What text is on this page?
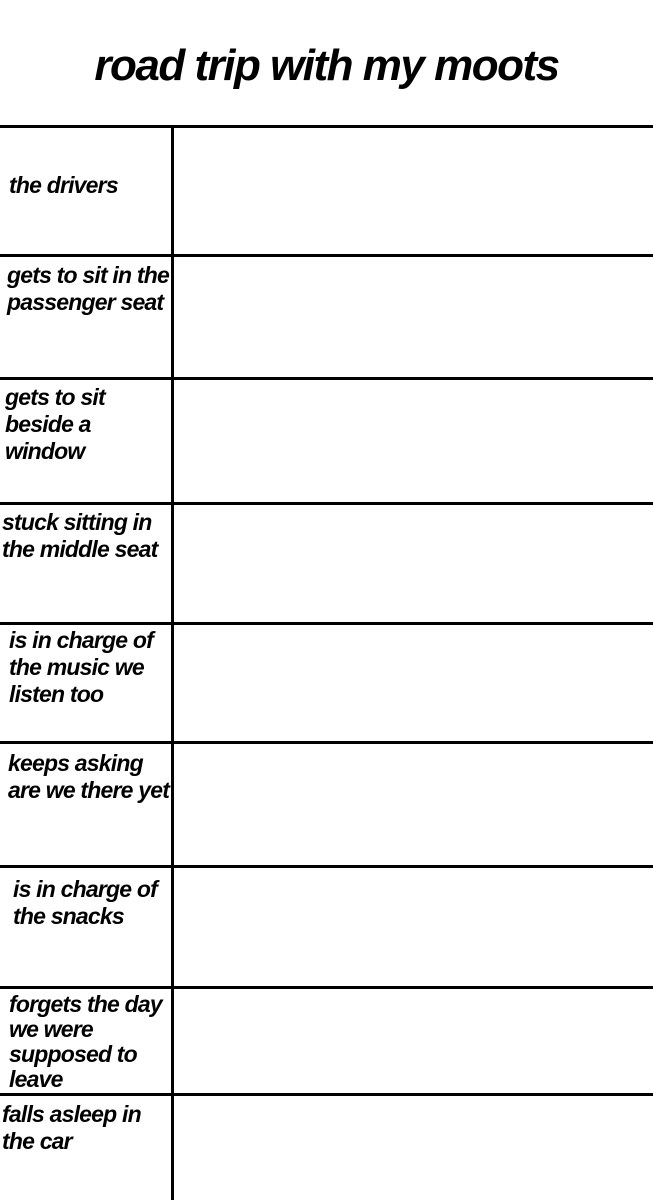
road trip with my moots
the drivers
gets to sit in the passenger seat
gets to sit beside a window
stuck sitting in the middle seat
is in charge of the music we listen too
keeps asking are we there yet
is in charge of the snacks
forgets the day we were supposed to leave
falls asleep in the car
